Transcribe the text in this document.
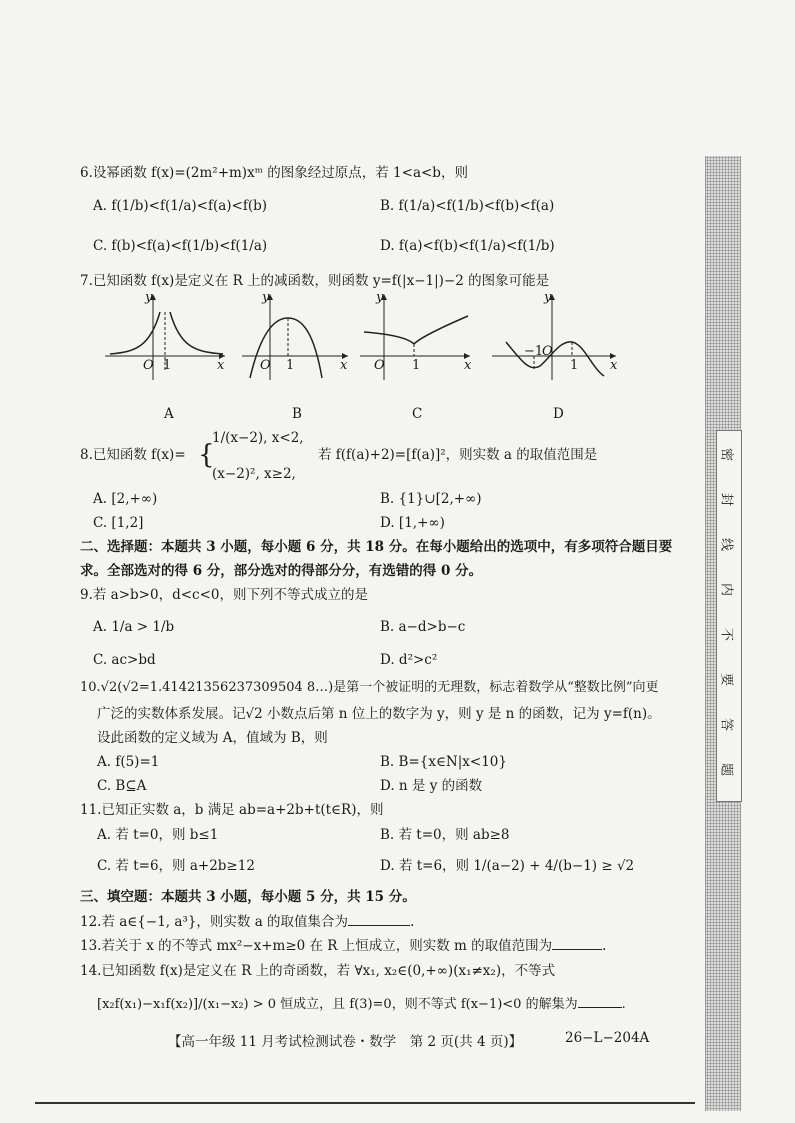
6.设幂函数 f(x)=(2m²+m)xᵐ 的图象经过原点，若 1<a<b，则
A. f(1/b)<f(1/a)<f(a)<f(b)	B. f(1/a)<f(1/b)<f(b)<f(a)
C. f(b)<f(a)<f(1/b)<f(1/a)	D. f(a)<f(b)<f(1/a)<f(1/b)
7.已知函数 f(x)是定义在 R 上的减函数，则函数 y=f(|x−1|)−2 的图象可能是
y
x
O 1
A
y
x
O 1
B
y
x
O 1
C
y
x
O
1
−1
D
8.已知函数 f(x)= {
1/(x−2), x<2,
(x−2)², x≥2,
若 f(f(a)+2)=[f(a)]²，则实数 a 的取值范围是
A. [2,+∞)	B. {1}∪[2,+∞)
C. [1,2]	D. [1,+∞)
二、选择题：本题共 3 小题，每小题 6 分，共 18 分。在每小题给出的选项中，有多项符合题目要
求。全部选对的得 6 分，部分选对的得部分分，有选错的得 0 分。
9.若 a>b>0，d<c<0，则下列不等式成立的是
A. 1/a > 1/b	B. a−d>b−c
C. ac>bd	D. d²>c²
10.√2(√2=1.41421356237309504 8…)是第一个被证明的无理数，标志着数学从“整数比例”向更
广泛的实数体系发展。记√2 小数点后第 n 位上的数字为 y，则 y 是 n 的函数，记为 y=f(n)。
设此函数的定义域为 A，值域为 B，则
A. f(5)=1	B. B={x∈N|x<10}
C. B⊆A	D. n 是 y 的函数
11.已知正实数 a，b 满足 ab=a+2b+t(t∈R)，则
A. 若 t=0，则 b≤1	B. 若 t=0，则 ab≥8
C. 若 t=6，则 a+2b≥12	D. 若 t=6，则 1/(a−2) + 4/(b−1) ≥ √2
三、填空题：本题共 3 小题，每小题 5 分，共 15 分。
12.若 a∈{−1, a³}，则实数 a 的取值集合为	.
13.若关于 x 的不等式 mx²−x+m≥0 在 R 上恒成立，则实数 m 的取值范围为	.
14.已知函数 f(x)是定义在 R 上的奇函数，若 ∀x₁, x₂∈(0,+∞)(x₁≠x₂)，不等式
[x₂f(x₁)−x₁f(x₂)]/(x₁−x₂) > 0 恒成立，且 f(3)=0，则不等式 f(x−1)<0 的解集为	.
【高一年级 11 月考试检测试卷・数学　第 2 页(共 4 页)】	26−L−204A
密
封
线
内
不
要
答
题
